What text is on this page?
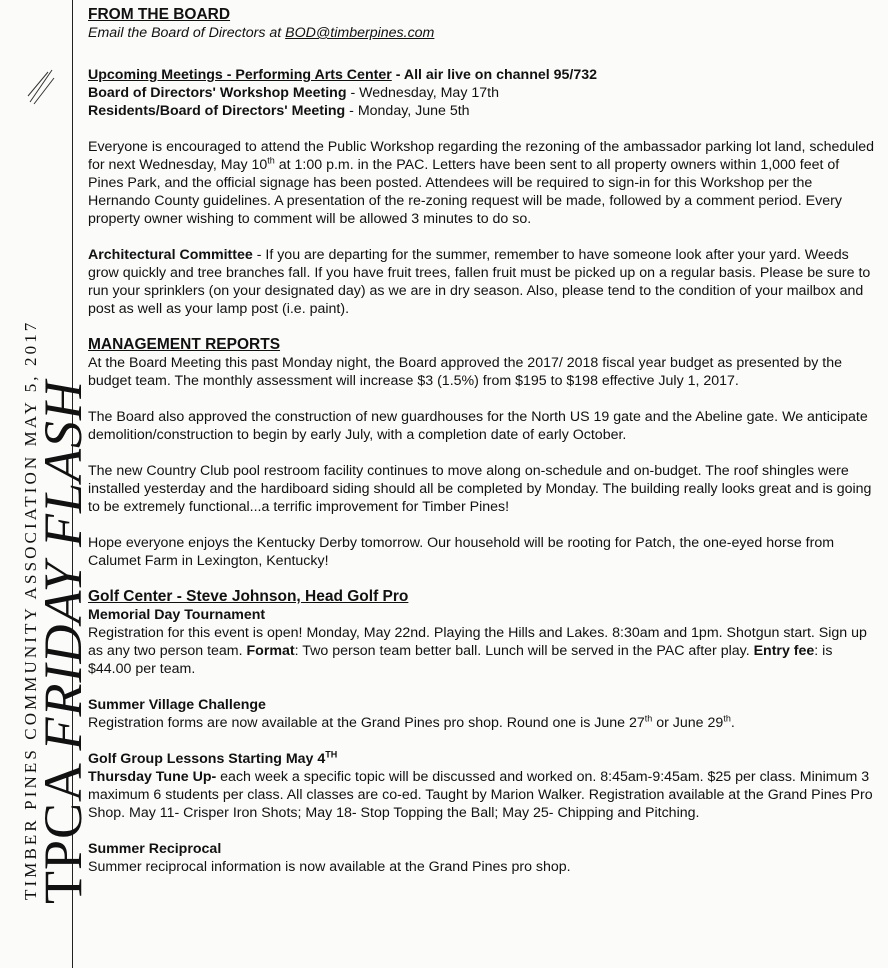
TPCA FRIDAY FLASH
TIMBER PINES COMMUNITY ASSOCIATION MAY 5, 2017

FROM THE BOARD

Email the Board of Directors at BOD@timberpines.com

Upcoming Meetings - Performing Arts Center - All air live on channel 95/732

Board of Directors' Workshop Meeting - Wednesday, May 17th

Residents/Board of Directors' Meeting - Monday, June 5th

Everyone is encouraged to attend the Public Workshop regarding the rezoning of the ambassador parking lot land, scheduled for next Wednesday, May 10th at 1:00 p.m. in the PAC. Letters have been sent to all property owners within 1,000 feet of Pines Park, and the official signage has been posted. Attendees will be required to sign-in for this Workshop per the Hernando County guidelines. A presentation of the re-zoning request will be made, followed by a comment period. Every property owner wishing to comment will be allowed 3 minutes to do so.

Architectural Committee - If you are departing for the summer, remember to have someone look after your yard. Weeds grow quickly and tree branches fall. If you have fruit trees, fallen fruit must be picked up on a regular basis. Please be sure to run your sprinklers (on your designated day) as we are in dry season. Also, please tend to the condition of your mailbox and post as well as your lamp post (i.e. paint).

MANAGEMENT REPORTS

At the Board Meeting this past Monday night, the Board approved the 2017/ 2018 fiscal year budget as presented by the budget team. The monthly assessment will increase $3 (1.5%) from $195 to $198 effective July 1, 2017.

The Board also approved the construction of new guardhouses for the North US 19 gate and the Abeline gate. We anticipate demolition/construction to begin by early July, with a completion date of early October.

The new Country Club pool restroom facility continues to move along on-schedule and on-budget. The roof shingles were installed yesterday and the hardiboard siding should all be completed by Monday. The building really looks great and is going to be extremely functional...a terrific improvement for Timber Pines!

Hope everyone enjoys the Kentucky Derby tomorrow. Our household will be rooting for Patch, the one-eyed horse from Calumet Farm in Lexington, Kentucky!

Golf Center - Steve Johnson, Head Golf Pro

Memorial Day Tournament

Registration for this event is open! Monday, May 22nd. Playing the Hills and Lakes. 8:30am and 1pm. Shotgun start. Sign up as any two person team. Format: Two person team better ball. Lunch will be served in the PAC after play. Entry fee: is $44.00 per team.

Summer Village Challenge

Registration forms are now available at the Grand Pines pro shop. Round one is June 27th or June 29th.

Golf Group Lessons Starting May 4TH

Thursday Tune Up- each week a specific topic will be discussed and worked on. 8:45am-9:45am. $25 per class. Minimum 3 maximum 6 students per class. All classes are co-ed. Taught by Marion Walker. Registration available at the Grand Pines Pro Shop. May 11- Crisper Iron Shots; May 18- Stop Topping the Ball; May 25- Chipping and Pitching.

Summer Reciprocal

Summer reciprocal information is now available at the Grand Pines pro shop.
